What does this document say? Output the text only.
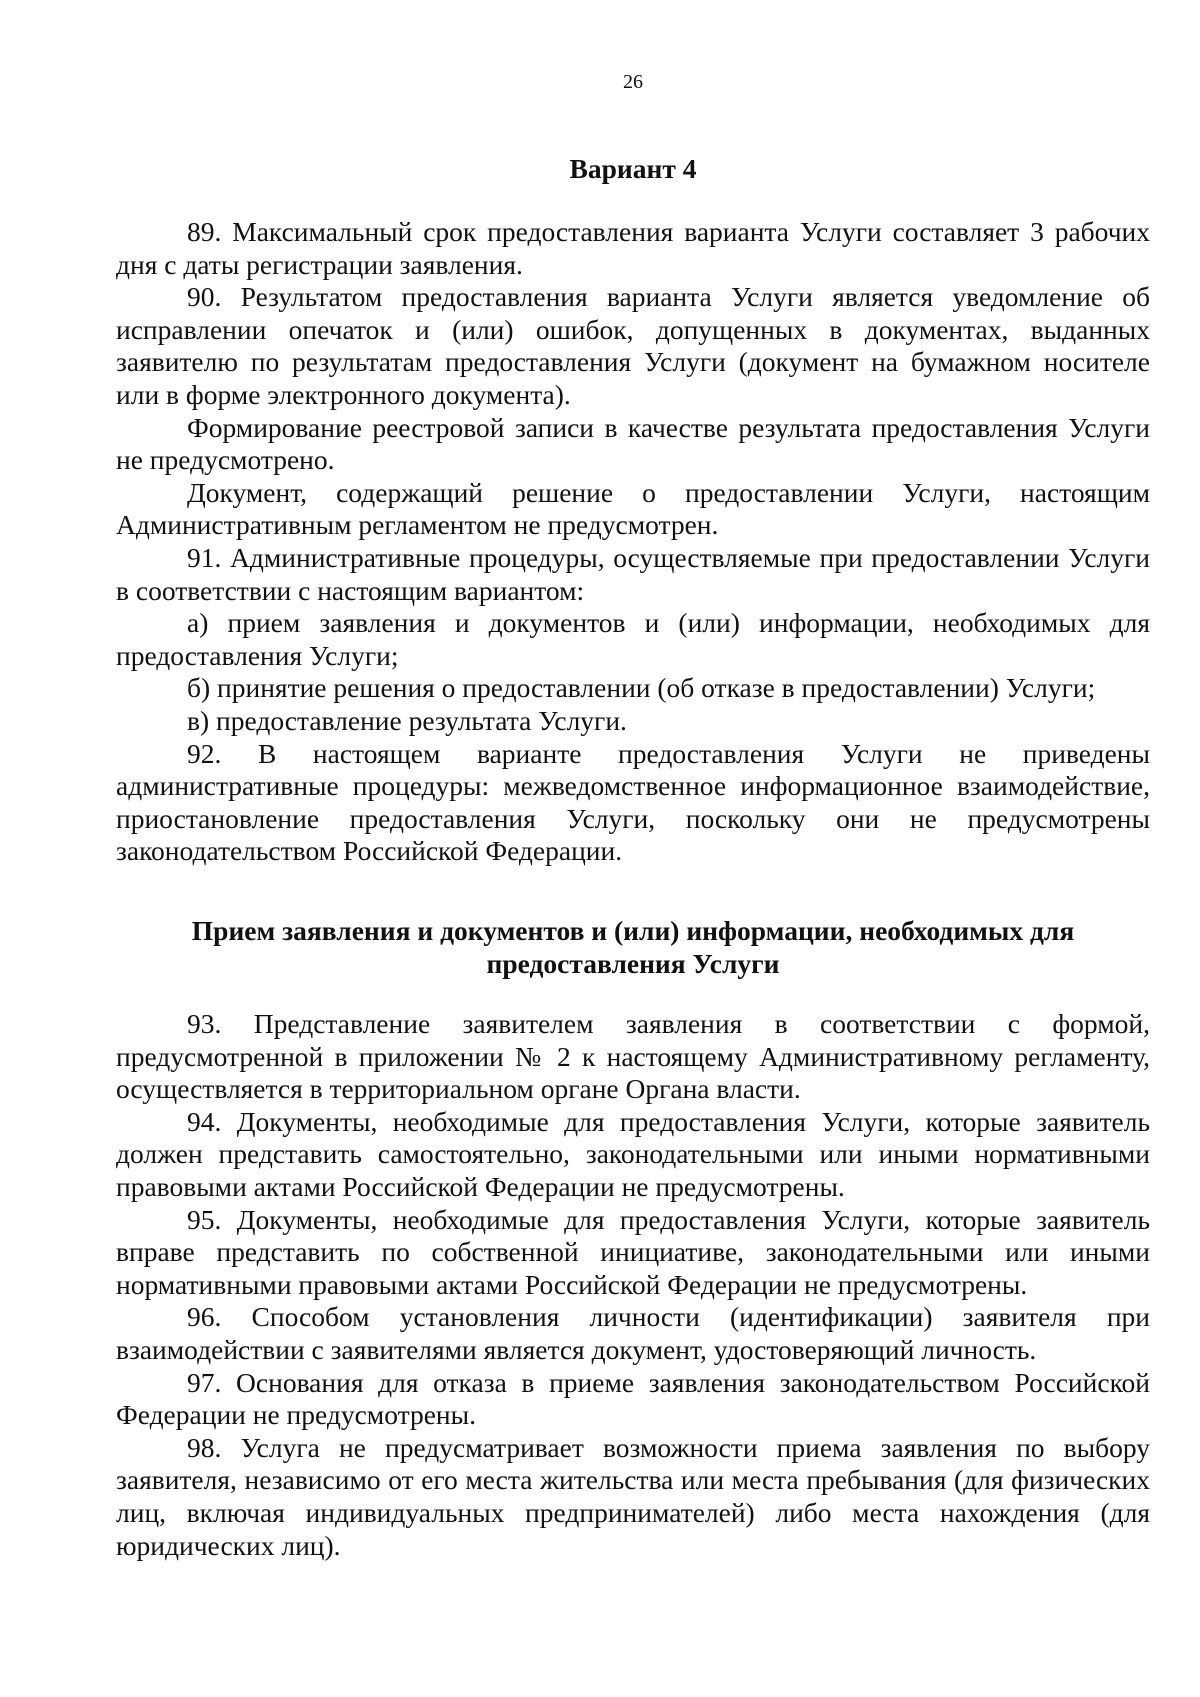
26
Вариант 4

89. Максимальный срок предоставления варианта Услуги составляет 3 рабочих дня с даты регистрации заявления.

90. Результатом предоставления варианта Услуги является уведомление об исправлении опечаток и (или) ошибок, допущенных в документах, выданных заявителю по результатам предоставления Услуги (документ на бумажном носителе или в форме электронного документа).

Формирование реестровой записи в качестве результата предоставления Услуги не предусмотрено.

Документ, содержащий решение о предоставлении Услуги, настоящим Административным регламентом не предусмотрен.

91. Административные процедуры, осуществляемые при предоставлении Услуги в соответствии с настоящим вариантом:

а) прием заявления и документов и (или) информации, необходимых для предоставления Услуги;

б) принятие решения о предоставлении (об отказе в предоставлении) Услуги;

в) предоставление результата Услуги.

92. В настоящем варианте предоставления Услуги не приведены административные процедуры: межведомственное информационное взаимодействие, приостановление предоставления Услуги, поскольку они не предусмотрены законодательством Российской Федерации.

Прием заявления и документов и (или) информации, необходимых для предоставления Услуги

93. Представление заявителем заявления в соответствии с формой, предусмотренной в приложении № 2 к настоящему Административному регламенту, осуществляется в территориальном органе Органа власти.

94. Документы, необходимые для предоставления Услуги, которые заявитель должен представить самостоятельно, законодательными или иными нормативными правовыми актами Российской Федерации не предусмотрены.

95. Документы, необходимые для предоставления Услуги, которые заявитель вправе представить по собственной инициативе, законодательными или иными нормативными правовыми актами Российской Федерации не предусмотрены.

96. Способом установления личности (идентификации) заявителя при взаимодействии с заявителями является документ, удостоверяющий личность.

97. Основания для отказа в приеме заявления законодательством Российской Федерации не предусмотрены.

98. Услуга не предусматривает возможности приема заявления по выбору заявителя, независимо от его места жительства или места пребывания (для физических лиц, включая индивидуальных предпринимателей) либо места нахождения (для юридических лиц).
